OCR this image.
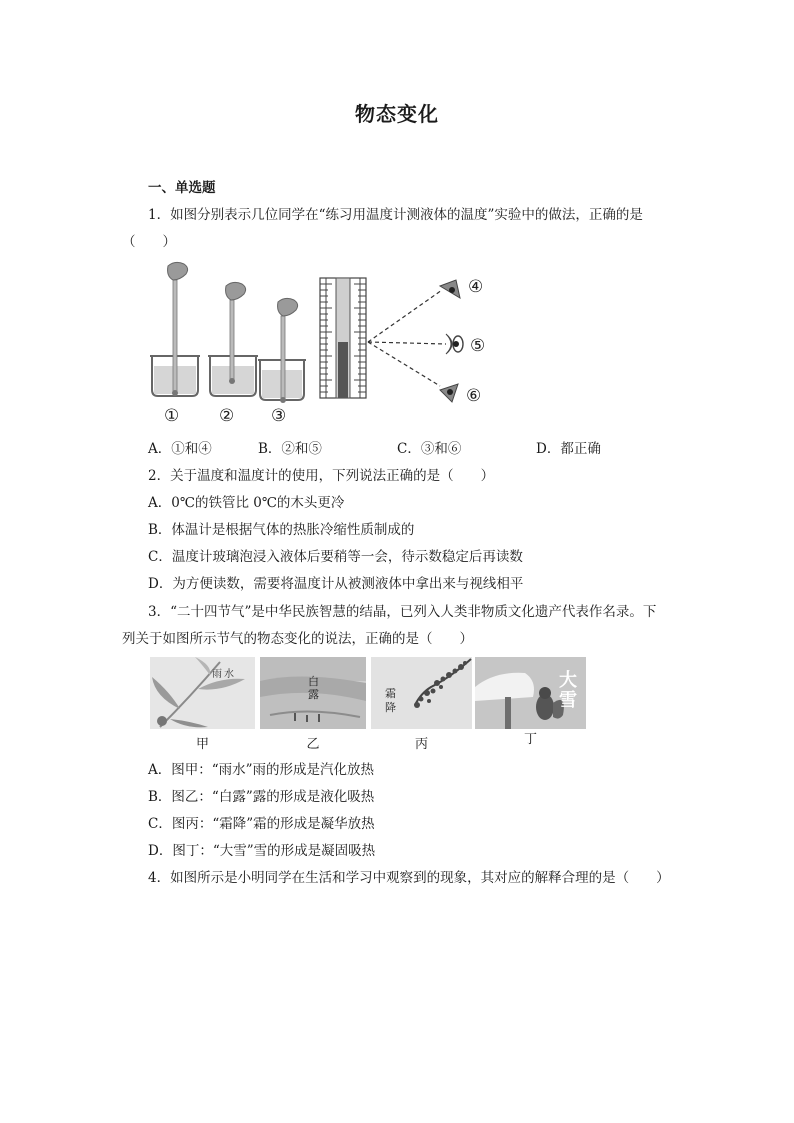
物态变化
一、单选题
1．如图分别表示几位同学在“练习用温度计测液体的温度”实验中的做法，正确的是
（　　）
① ② ③
④
⑤
⑥
A．①和④	B．②和⑤	C．③和⑥	D．都正确
2．关于温度和温度计的使用，下列说法正确的是（　　）
A．0℃的铁管比 0℃的木头更冷
B．体温计是根据气体的热胀冷缩性质制成的
C．温度计玻璃泡浸入液体后要稍等一会，待示数稳定后再读数
D．为方便读数，需要将温度计从被测液体中拿出来与视线相平
3．“二十四节气”是中华民族智慧的结晶，已列入人类非物质文化遗产代表作名录。下
列关于如图所示节气的物态变化的说法，正确的是（　　）
雨水
白露	霜降
大雪
甲	乙	丙	丁
A．图甲：“雨水”雨的形成是汽化放热
B．图乙：“白露”露的形成是液化吸热
C．图丙：“霜降”霜的形成是凝华放热
D．图丁：“大雪”雪的形成是凝固吸热
4．如图所示是小明同学在生活和学习中观察到的现象，其对应的解释合理的是（　　）
